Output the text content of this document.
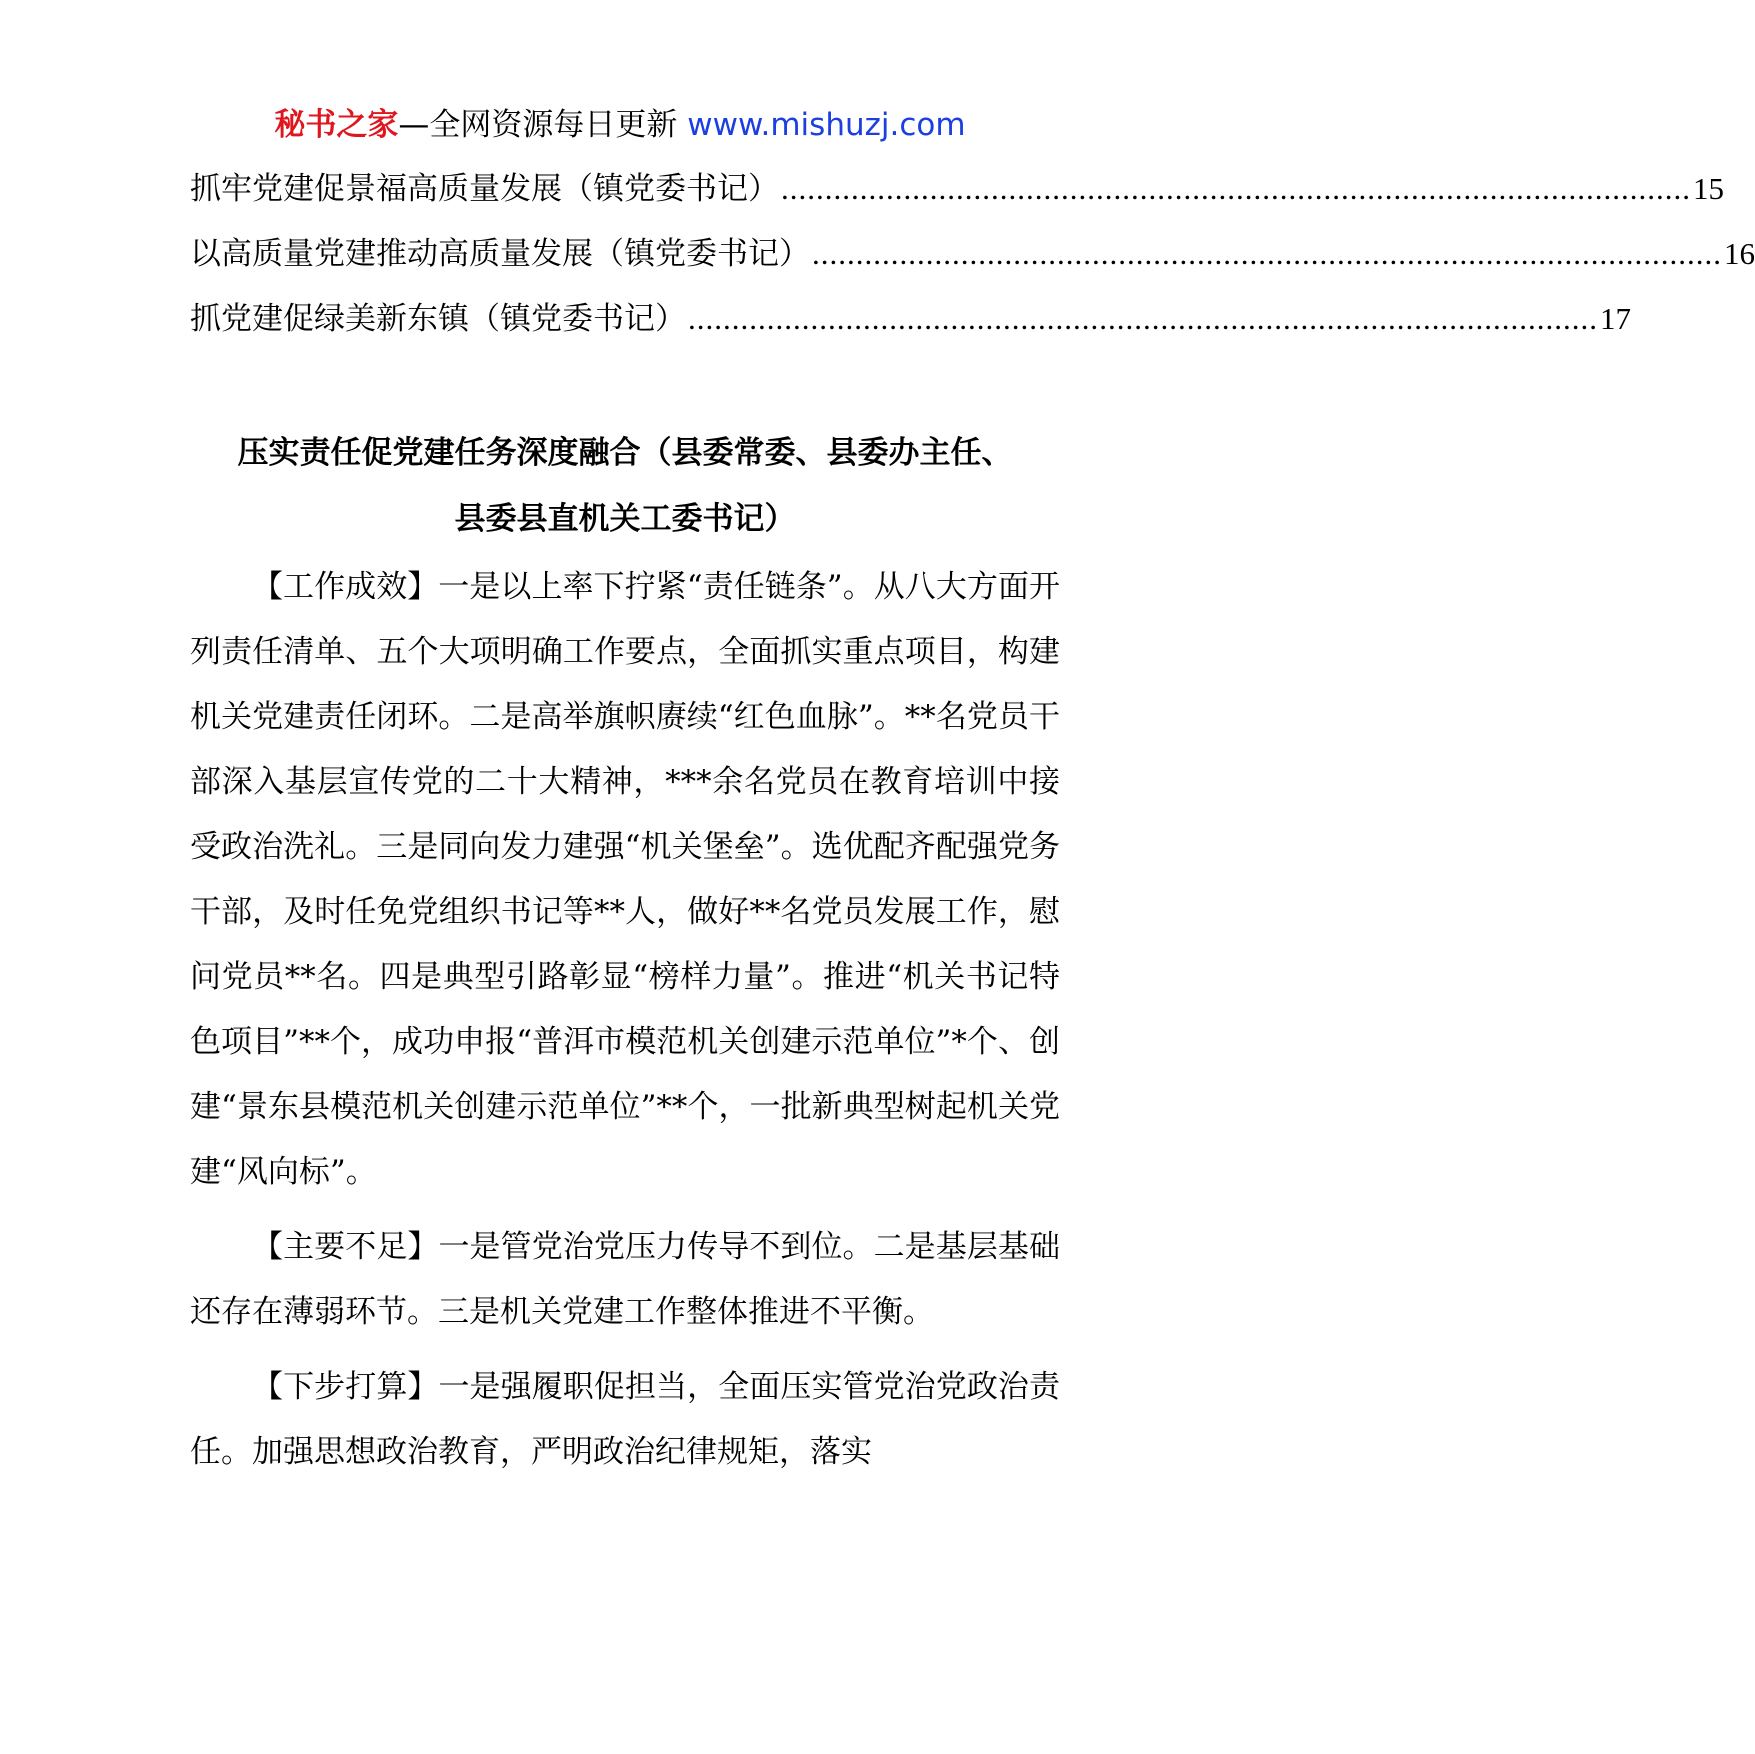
秘书之家—全网资源每日更新 www.mishuzj.com
抓牢党建促景福高质量发展（镇党委书记） ........................................................................................................ 15
以高质量党建推动高质量发展（镇党委书记） ........................................................................................................ 16
抓党建促绿美新东镇（镇党委书记） ........................................................................................................ 17
压实责任促党建任务深度融合（县委常委、县委办主任、
县委县直机关工委书记）

【工作成效】一是以上率下拧紧“责任链条”。从八大方面开列责任清单、五个大项明确工作要点，全面抓实重点项目，构建机关党建责任闭环。二是高举旗帜赓续“红色血脉”。**名党员干部深入基层宣传党的二十大精神，***余名党员在教育培训中接受政治洗礼。三是同向发力建强“机关堡垒”。选优配齐配强党务干部，及时任免党组织书记等**人，做好**名党员发展工作，慰问党员**名。四是典型引路彰显“榜样力量”。推进“机关书记特色项目”**个，成功申报“普洱市模范机关创建示范单位”*个、创建“景东县模范机关创建示范单位”**个，一批新典型树起机关党建“风向标”。

【主要不足】一是管党治党压力传导不到位。二是基层基础还存在薄弱环节。三是机关党建工作整体推进不平衡。

【下步打算】一是强履职促担当，全面压实管党治党政治责任。加强思想政治教育，严明政治纪律规矩，落实
